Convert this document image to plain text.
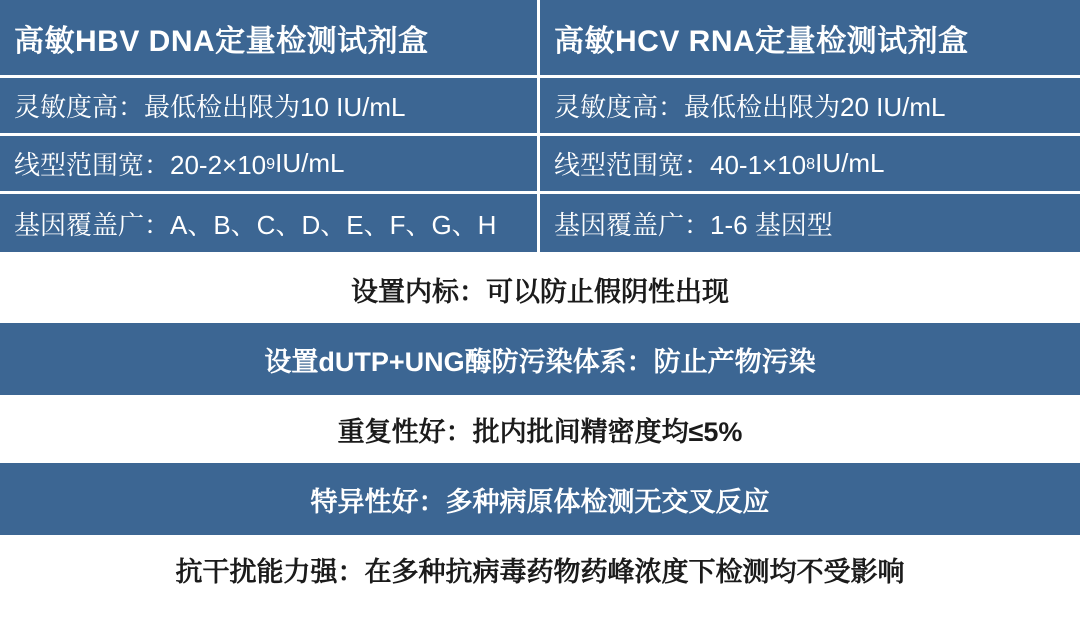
高敏HBV DNA定量检测试剂盒
灵敏度高：最低检出限为10 IU/mL
线型范围宽：20-2×10 9 IU/mL
基因覆盖广：A、B、C、D、E、F、G、H
高敏HCV RNA定量检测试剂盒
灵敏度高：最低检出限为20 IU/mL
线型范围宽：40-1×10 8 IU/mL
基因覆盖广：1-6 基因型
设置内标：可以防止假阴性出现
设置dUTP+UNG酶防污染体系：防止产物污染
重复性好：批内批间精密度均≤5%
特异性好：多种病原体检测无交叉反应
抗干扰能力强：在多种抗病毒药物药峰浓度下检测均不受影响
